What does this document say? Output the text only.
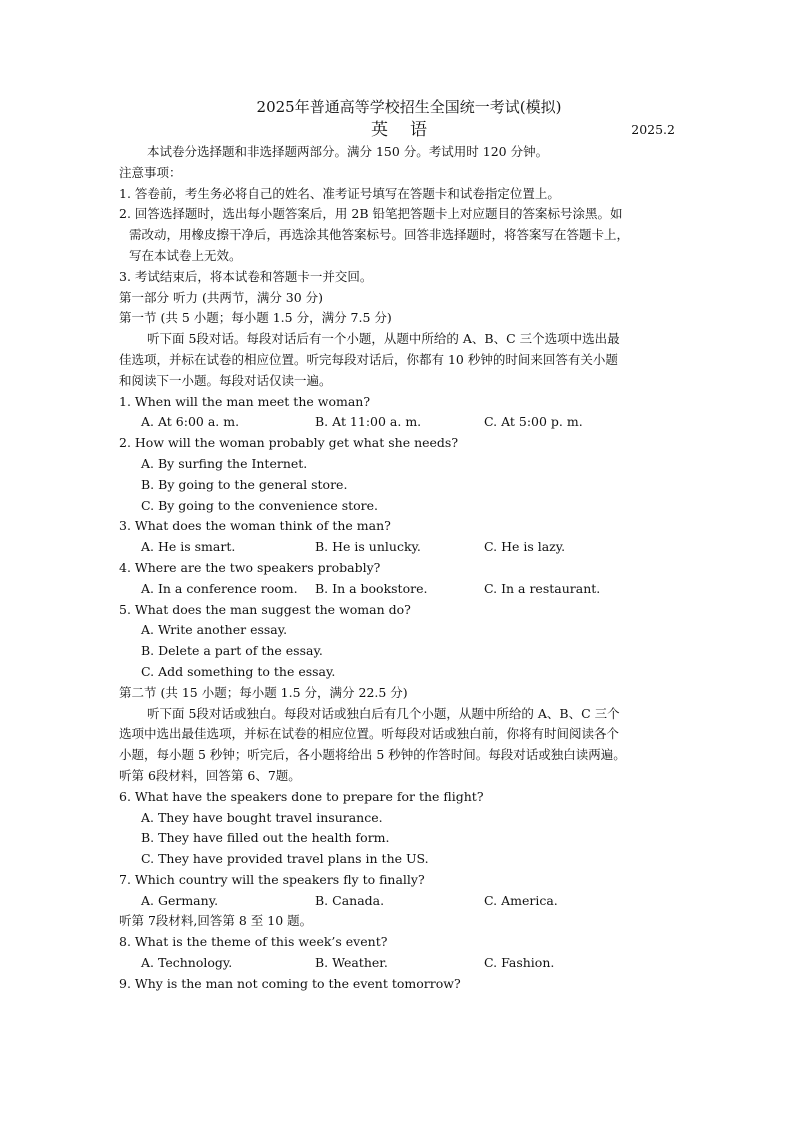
2025年普通高等学校招生全国统一考试(模拟)
英语	2025.2
本试卷分选择题和非选择题两部分。满分 150 分。考试用时 120 分钟。
注意事项：
1. 答卷前，考生务必将自己的姓名、准考证号填写在答题卡和试卷指定位置上。
2. 回答选择题时，选出每小题答案后，用 2B 铅笔把答题卡上对应题目的答案标号涂黑。如
需改动，用橡皮擦干净后，再选涂其他答案标号。回答非选择题时，将答案写在答题卡上，
写在本试卷上无效。
3. 考试结束后，将本试卷和答题卡一并交回。
第一部分 听力 (共两节，满分 30 分)
第一节 (共 5 小题；每小题 1.5 分，满分 7.5 分)
听下面 5段对话。每段对话后有一个小题，从题中所给的 A、B、C 三个选项中选出最
佳选项，并标在试卷的相应位置。听完每段对话后，你都有 10 秒钟的时间来回答有关小题
和阅读下一小题。每段对话仅读一遍。
1. When will the man meet the woman?
A. At 6:00 a. m.	B. At 11:00 a. m.	C. At 5:00 p. m.
2. How will the woman probably get what she needs?
A. By surfing the Internet.
B. By going to the general store.
C. By going to the convenience store.
3. What does the woman think of the man?
A. He is smart.	B. He is unlucky.	C. He is lazy.
4. Where are the two speakers probably?
A. In a conference room. B. In a bookstore.	C. In a restaurant.
5. What does the man suggest the woman do?
A. Write another essay.
B. Delete a part of the essay.
C. Add something to the essay.
第二节 (共 15 小题；每小题 1.5 分，满分 22.5 分)
听下面 5段对话或独白。每段对话或独白后有几个小题，从题中所给的 A、B、C 三个
选项中选出最佳选项，并标在试卷的相应位置。听每段对话或独白前，你将有时间阅读各个
小题，每小题 5 秒钟；听完后，各小题将给出 5 秒钟的作答时间。每段对话或独白读两遍。
听第 6段材料，回答第 6、7题。
6. What have the speakers done to prepare for the flight?
A. They have bought travel insurance.
B. They have filled out the health form.
C. They have provided travel plans in the US.
7. Which country will the speakers fly to finally?
A. Germany.	B. Canada.	C. America.
听第 7段材料,回答第 8 至 10 题。
8. What is the theme of this week’s event?
A. Technology.	B. Weather.	C. Fashion.
9. Why is the man not coming to the event tomorrow?
